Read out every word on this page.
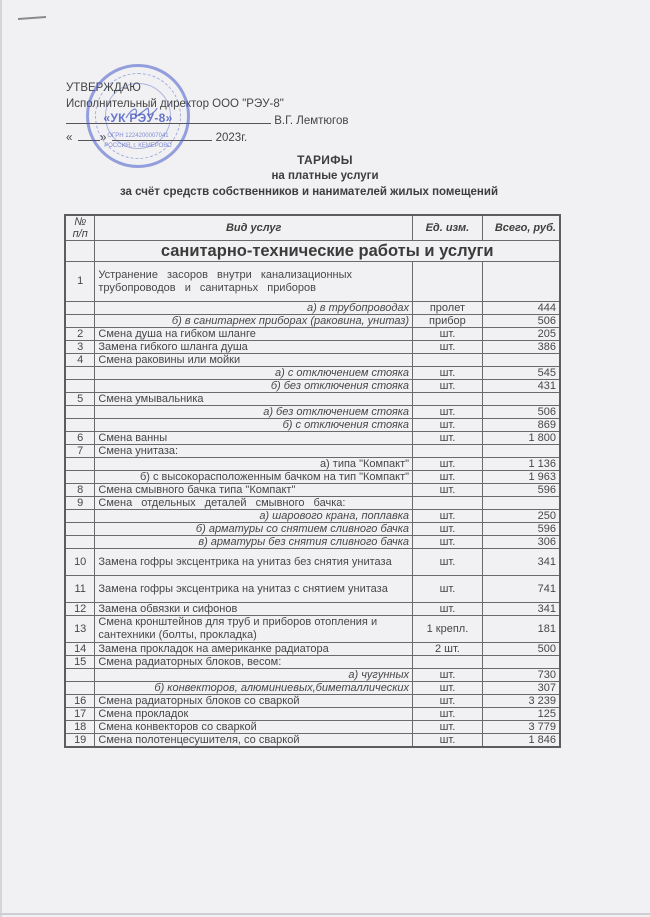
УТВЕРЖДАЮ
Исполнительный директор ООО "РЭУ-8"
В.Г. Лемтюгов
« »	2023г.
«УК РЭУ-8»
ОГРН 1224200007041
РОССИЯ, г. КЕМЕРОВО
ТАРИФЫ
на платные услуги
за счёт средств собственников и нанимателей жилых помещений
№ п/п	Вид услуг	Ед. изм.	Всего, руб.
	санитарно-технические работы и услуги		
1	Устранение засоров внутри канализационных трубопроводов и санитарньх приборов		
	а) в трубопроводах	пролет	444
	б) в санитарнех приборах (раковина, унитаз)	прибор	506
2	Смена душа на гибком шланге	шт.	205
3	Замена гибкого шланга душа	шт.	386
4	Смена раковины или мойки		
	а) с отключением стояка	шт.	545
	б) без отключения стояка	шт.	431
5	Смена умывальника		
	а) без отключением стояка	шт.	506
	б) с отключения стояка	шт.	869
6	Смена ванны	шт.	1 800
7	Смена унитаза:		
	а) типа "Компакт"	шт.	1 136
	б) с высокорасположенным бачком на тип "Компакт"	шт.	1 963
8	Смена смывного бачка типа "Компакт"	шт.	596
9	Смена отдельных деталей смывного бачка:		
	а) шарового крана, поплавка	шт.	250
	б) арматуры со снятием сливного бачка	шт.	596
	в) арматуры без снятия сливного бачка	шт.	306
10	Замена гофры эксцентрика на унитаз без снятия унитаза	шт.	341
11	Замена гофры эксцентрика на унитаз с снятием унитаза	шт.	741
12	Замена обвязки и сифонов	шт.	341
13	Смена кронштейнов для труб и приборов отопления и сантехники (болты, прокладка)	1 крепл.	181
14	Замена прокладок на американке радиатора	2 шт.	500
15	Смена радиаторных блоков, весом:		
	а) чугунных	шт.	730
	б) конвекторов, алюминиевых,биметаллических	шт.	307
16	Смена радиаторных блоков со сваркой	шт.	3 239
17	Смена прокладок	шт.	125
18	Смена конвекторов со сваркой	шт.	3 779
19	Смена полотенцесушителя, со сваркой	шт.	1 846
